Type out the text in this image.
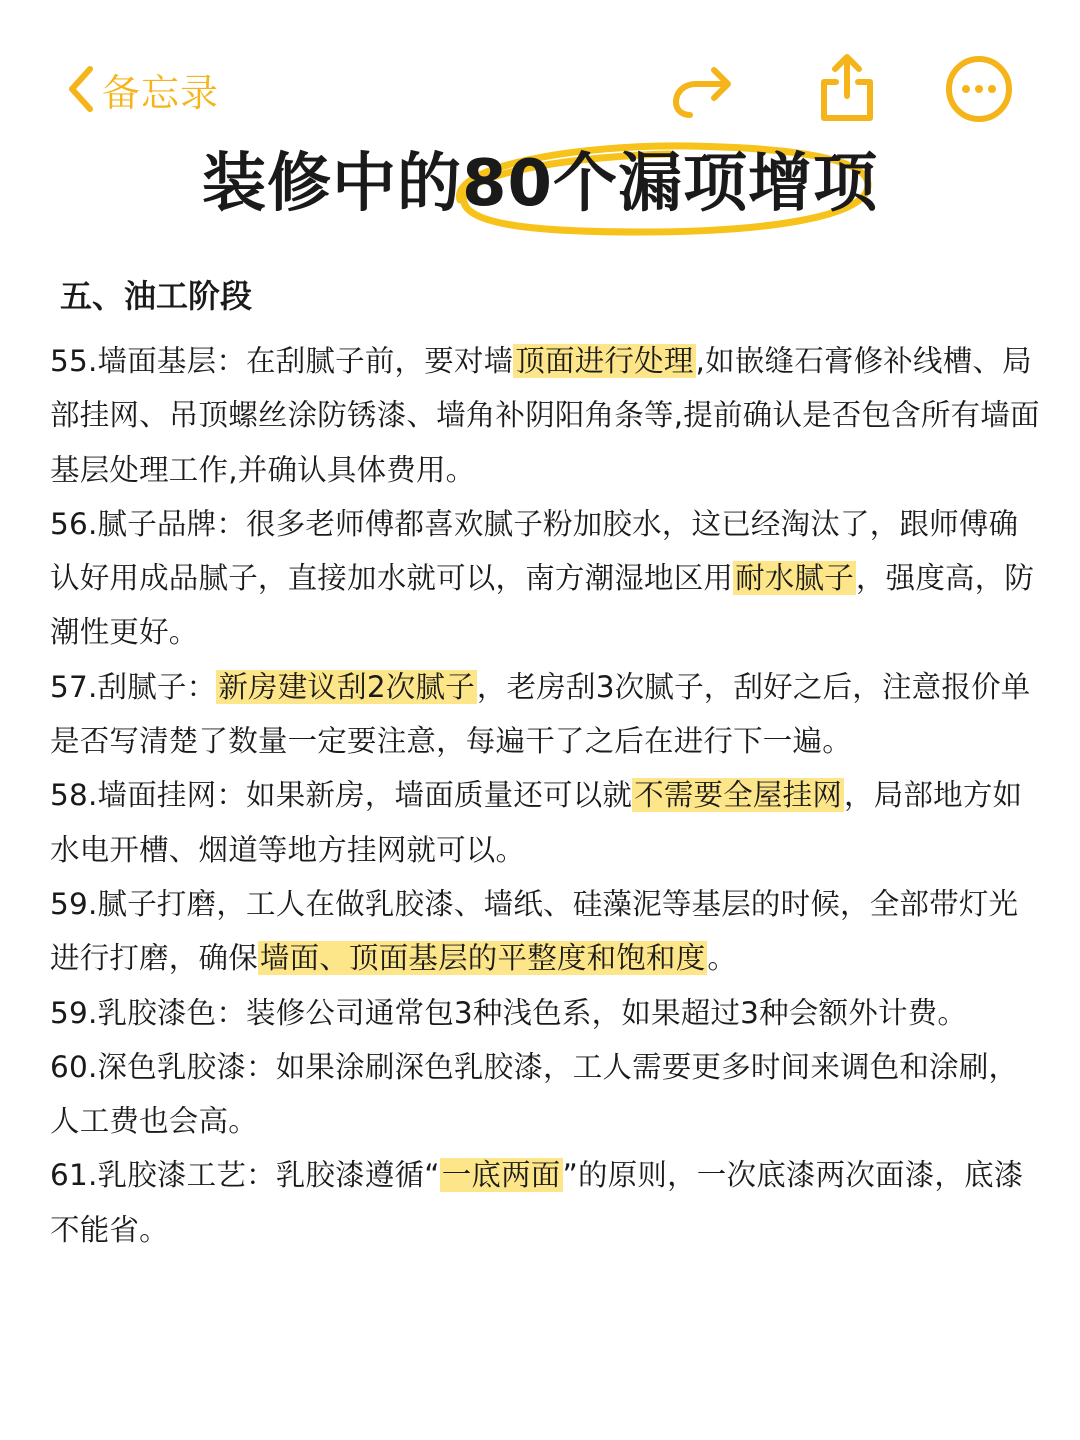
备忘录
装修中的80个漏项增项
五、油工阶段

55.墙面基层：在刮腻子前，要对墙顶面进行处理,如嵌缝石膏修补线槽、局部挂网、吊顶螺丝涂防锈漆、墙角补阴阳角条等,提前确认是否包含所有墙面基层处理工作,并确认具体费用。

56.腻子品牌：很多老师傅都喜欢腻子粉加胶水，这已经淘汰了，跟师傅确认好用成品腻子，直接加水就可以，南方潮湿地区用耐水腻子，强度高，防潮性更好。

57.刮腻子：新房建议刮2次腻子，老房刮3次腻子，刮好之后，注意报价单是否写清楚了数量一定要注意，每遍干了之后在进行下一遍。

58.墙面挂网：如果新房，墙面质量还可以就不需要全屋挂网，局部地方如水电开槽、烟道等地方挂网就可以。

59.腻子打磨，工人在做乳胶漆、墙纸、硅藻泥等基层的时候，全部带灯光进行打磨，确保墙面、顶面基层的平整度和饱和度。

59.乳胶漆色：装修公司通常包3种浅色系，如果超过3种会额外计费。

60.深色乳胶漆：如果涂刷深色乳胶漆，工人需要更多时间来调色和涂刷，人工费也会高。

61.乳胶漆工艺：乳胶漆遵循“一底两面”的原则，一次底漆两次面漆，底漆不能省。
